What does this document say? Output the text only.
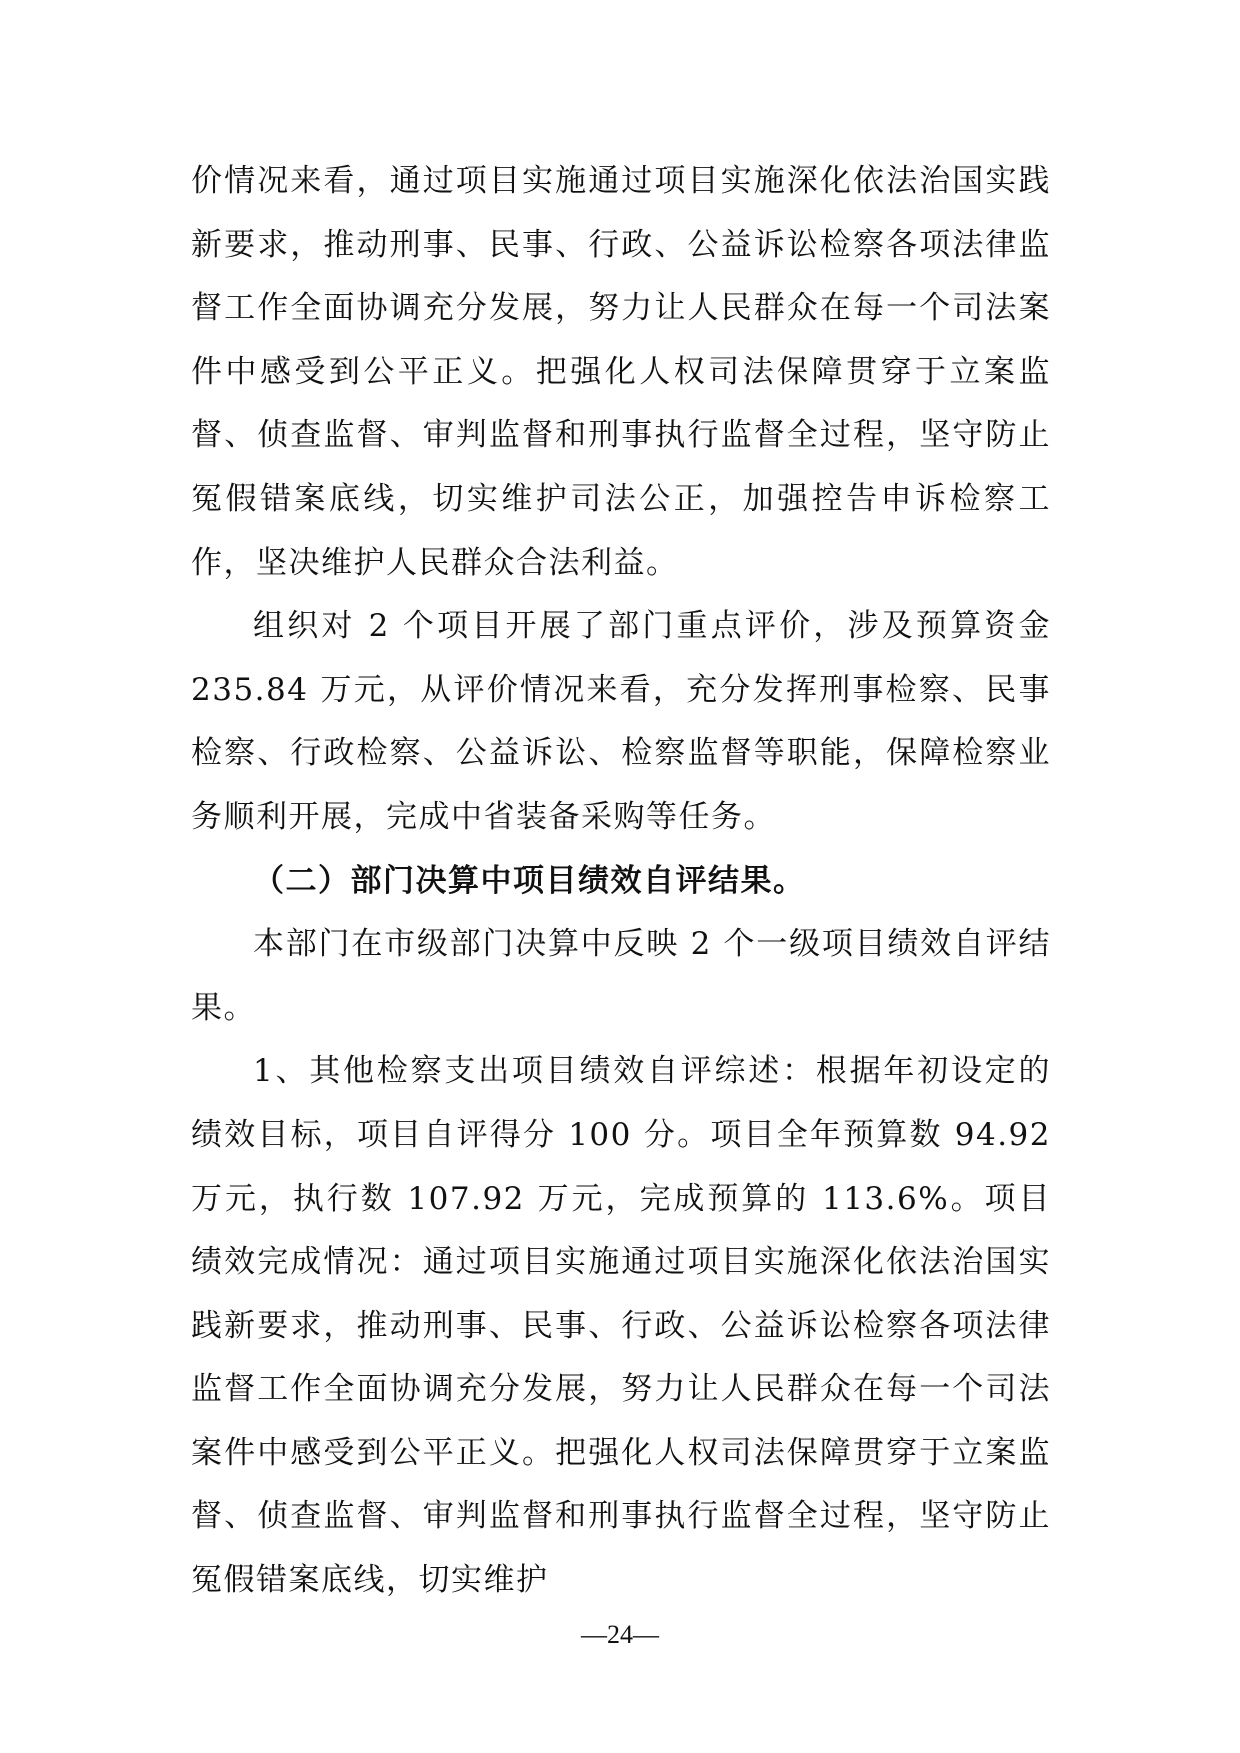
价情况来看，通过项目实施通过项目实施深化依法治国实践新要求，推动刑事、民事、行政、公益诉讼检察各项法律监督工作全面协调充分发展，努力让人民群众在每一个司法案件中感受到公平正义。把强化人权司法保障贯穿于立案监督、侦查监督、审判监督和刑事执行监督全过程，坚守防止冤假错案底线，切实维护司法公正，加强控告申诉检察工作，坚决维护人民群众合法利益。

组织对 2 个项目开展了部门重点评价，涉及预算资金 235.84 万元，从评价情况来看，充分发挥刑事检察、民事检察、行政检察、公益诉讼、检察监督等职能，保障检察业务顺利开展，完成中省装备采购等任务。

（二）部门决算中项目绩效自评结果。

本部门在市级部门决算中反映 2 个一级项目绩效自评结果。

1、其他检察支出项目绩效自评综述：根据年初设定的绩效目标，项目自评得分 100 分。项目全年预算数 94.92 万元，执行数 107.92 万元，完成预算的 113.6%。项目绩效完成情况：通过项目实施通过项目实施深化依法治国实践新要求，推动刑事、民事、行政、公益诉讼检察各项法律监督工作全面协调充分发展，努力让人民群众在每一个司法案件中感受到公平正义。把强化人权司法保障贯穿于立案监督、侦查监督、审判监督和刑事执行监督全过程，坚守防止冤假错案底线，切实维护

—24—
